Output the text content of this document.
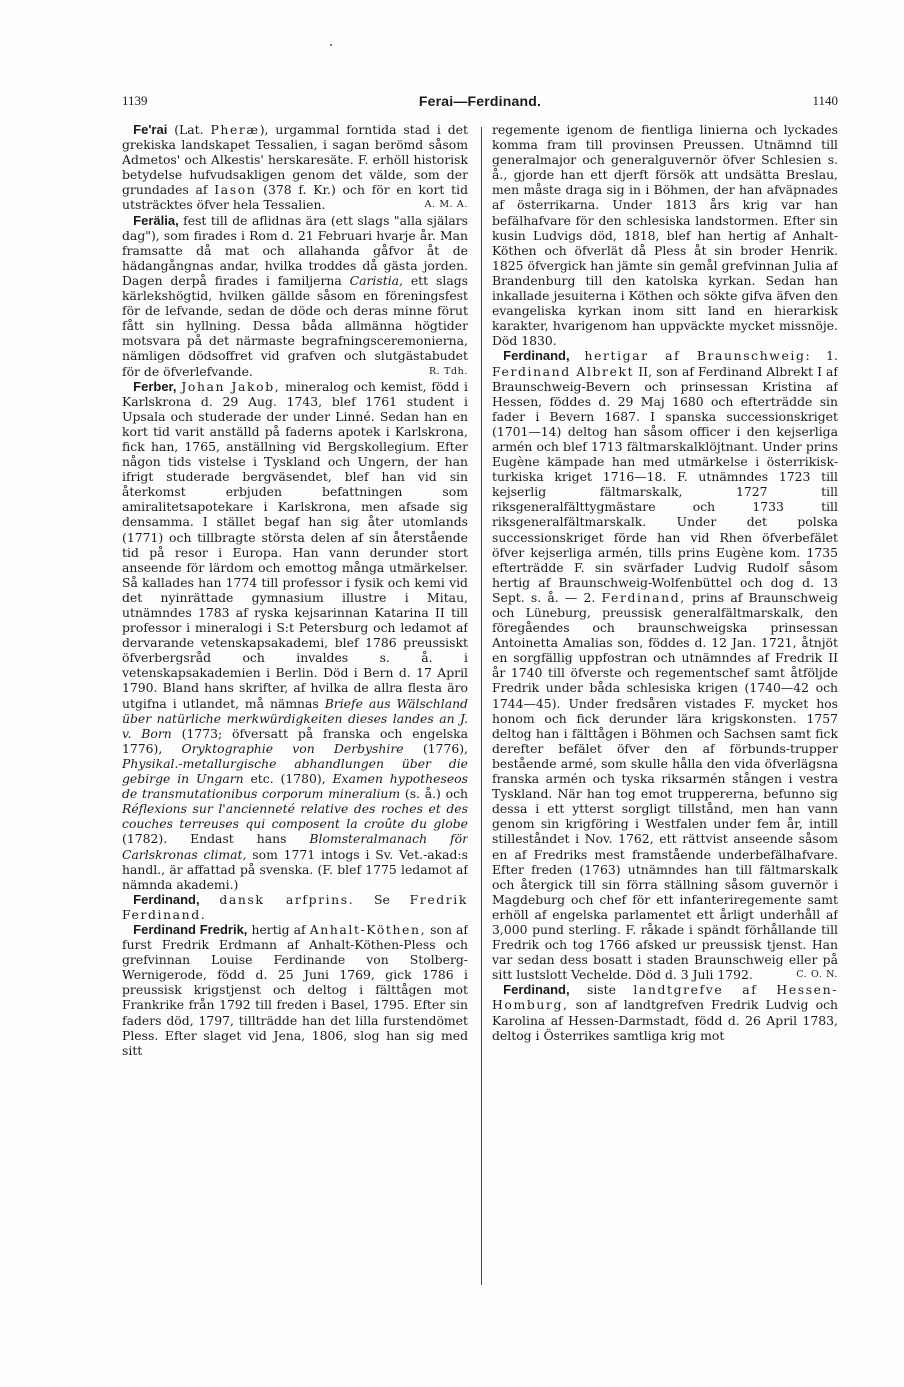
1139	Ferai—Ferdinand.	1140

Fe'rai (Lat. Pheræ), urgammal forntida stad i det grekiska landskapet Tessalien, i sagan berömd såsom Admetos' och Alkestis' herskaresäte. F. erhöll historisk betydelse hufvudsakligen genom det välde, som der grundades af Iason (378 f. Kr.) och för en kort tid utsträcktes öfver hela Tessalien.	A. M. A.

Ferälia, fest till de aflidnas ära (ett slags "alla själars dag"), som firades i Rom d. 21 Februari hvarje år. Man framsatte då mat och allahanda gåfvor åt de hädangångnas andar, hvilka troddes då gästa jorden. Dagen derpå firades i familjerna Caristia, ett slags kärlekshögtid, hvilken gällde såsom en föreningsfest för de lefvande, sedan de döde och deras minne förut fått sin hyllning. Dessa båda allmänna högtider motsvara på det närmaste begrafningsceremonierna, nämligen dödsoffret vid grafven och slutgästabudet för de öfverlefvande.	R. Tdh.

Ferber, Johan Jakob, mineralog och kemist, född i Karlskrona d. 29 Aug. 1743, blef 1761 student i Upsala och studerade der under Linné. Sedan han en kort tid varit anställd på faderns apotek i Karlskrona, fick han, 1765, anställning vid Bergskollegium. Efter någon tids vistelse i Tyskland och Ungern, der han ifrigt studerade bergväsendet, blef han vid sin återkomst erbjuden befattningen som amiralitetsapotekare i Karlskrona, men afsade sig densamma. I stället begaf han sig åter utomlands (1771) och tillbragte största delen af sin återstående tid på resor i Europa. Han vann derunder stort anseende för lärdom och emottog många utmärkelser. Så kallades han 1774 till professor i fysik och kemi vid det nyinrättade gymnasium illustre i Mitau, utnämndes 1783 af ryska kejsarinnan Katarina II till professor i mineralogi i S:t Petersburg och ledamot af dervarande vetenskapsakademi, blef 1786 preussiskt öfverbergsråd och invaldes s. å. i vetenskapsakademien i Berlin. Död i Bern d. 17 April 1790. Bland hans skrifter, af hvilka de allra flesta äro utgifna i utlandet, må nämnas Briefe aus Wälschland über natürliche merkwürdigkeiten dieses landes an J. v. Born (1773; öfversatt på franska och engelska 1776), Oryktographie von Derbyshire (1776), Physikal.-metallurgische abhandlungen über die gebirge in Ungarn etc. (1780), Examen hypotheseos de transmutationibus corporum mineralium (s. å.) och Réflexions sur l'ancienneté relative des roches et des couches terreuses qui composent la croûte du globe (1782). Endast hans Blomsteralmanach för Carlskronas climat, som 1771 intogs i Sv. Vet.-akad:s handl., är affattad på svenska. (F. blef 1775 ledamot af nämnda akademi.)

Ferdinand, dansk arfprins. Se Fredrik Ferdinand.

Ferdinand Fredrik, hertig af Anhalt-Köthen, son af furst Fredrik Erdmann af Anhalt-Köthen-Pless och grefvinnan Louise Ferdinande von Stolberg-Wernigerode, född d. 25 Juni 1769, gick 1786 i preussisk krigstjenst och deltog i fälttågen mot Frankrike från 1792 till freden i Basel, 1795. Efter sin faders död, 1797, tillträdde han det lilla furstendömet Pless. Efter slaget vid Jena, 1806, slog han sig med sitt

regemente igenom de fientliga linierna och lyckades komma fram till provinsen Preussen. Utnämnd till generalmajor och generalguvernör öfver Schlesien s. å., gjorde han ett djerft försök att undsätta Breslau, men måste draga sig in i Böhmen, der han afväpnades af österrikarna. Under 1813 års krig var han befälhafvare för den schlesiska landstormen. Efter sin kusin Ludvigs död, 1818, blef han hertig af Anhalt-Köthen och öfverlät då Pless åt sin broder Henrik. 1825 öfvergick han jämte sin gemål grefvinnan Julia af Brandenburg till den katolska kyrkan. Sedan han inkallade jesuiterna i Köthen och sökte gifva äfven den evangeliska kyrkan inom sitt land en hierarkisk karakter, hvarigenom han uppväckte mycket missnöje. Död 1830.

Ferdinand, hertigar af Braunschweig: 1. Ferdinand Albrekt II, son af Ferdinand Albrekt I af Braunschweig-Bevern och prinsessan Kristina af Hessen, föddes d. 29 Maj 1680 och efterträdde sin fader i Bevern 1687. I spanska successionskriget (1701—14) deltog han såsom officer i den kejserliga armén och blef 1713 fältmarskalklöjtnant. Under prins Eugène kämpade han med utmärkelse i österrikisk-turkiska kriget 1716—18. F. utnämndes 1723 till kejserlig fältmarskalk, 1727 till riksgeneralfälttygmästare och 1733 till riksgeneralfältmarskalk. Under det polska successionskriget förde han vid Rhen öfverbefälet öfver kejserliga armén, tills prins Eugène kom. 1735 efterträdde F. sin svärfader Ludvig Rudolf såsom hertig af Braunschweig-Wolfenbüttel och dog d. 13 Sept. s. å. — 2. Ferdinand, prins af Braunschweig och Lüneburg, preussisk generalfältmarskalk, den föregåendes och braunschweigska prinsessan Antoinetta Amalias son, föddes d. 12 Jan. 1721, åtnjöt en sorgfällig uppfostran och utnämndes af Fredrik II år 1740 till öfverste och regementschef samt åtföljde Fredrik under båda schlesiska krigen (1740—42 och 1744—45). Under fredsåren vistades F. mycket hos honom och fick derunder lära krigskonsten. 1757 deltog han i fälttågen i Böhmen och Sachsen samt fick derefter befälet öfver den af förbunds-trupper bestående armé, som skulle hålla den vida öfverlägsna franska armén och tyska riksarmén stången i vestra Tyskland. När han tog emot truppererna, befunno sig dessa i ett ytterst sorgligt tillstånd, men han vann genom sin krigföring i Westfalen under fem år, intill stilleståndet i Nov. 1762, ett rättvist anseende såsom en af Fredriks mest framstående underbefälhafvare. Efter freden (1763) utnämndes han till fältmarskalk och återgick till sin förra ställning såsom guvernör i Magdeburg och chef för ett infanteriregemente samt erhöll af engelska parlamentet ett årligt underhåll af 3,000 pund sterling. F. råkade i spändt förhållande till Fredrik och tog 1766 afsked ur preussisk tjenst. Han var sedan dess bosatt i staden Braunschweig eller på sitt lustslott Vechelde. Död d. 3 Juli 1792.	C. O. N.

Ferdinand, siste landtgrefve af Hessen-Homburg, son af landtgrefven Fredrik Ludvig och Karolina af Hessen-Darmstadt, född d. 26 April 1783, deltog i Österrikes samtliga krig mot
